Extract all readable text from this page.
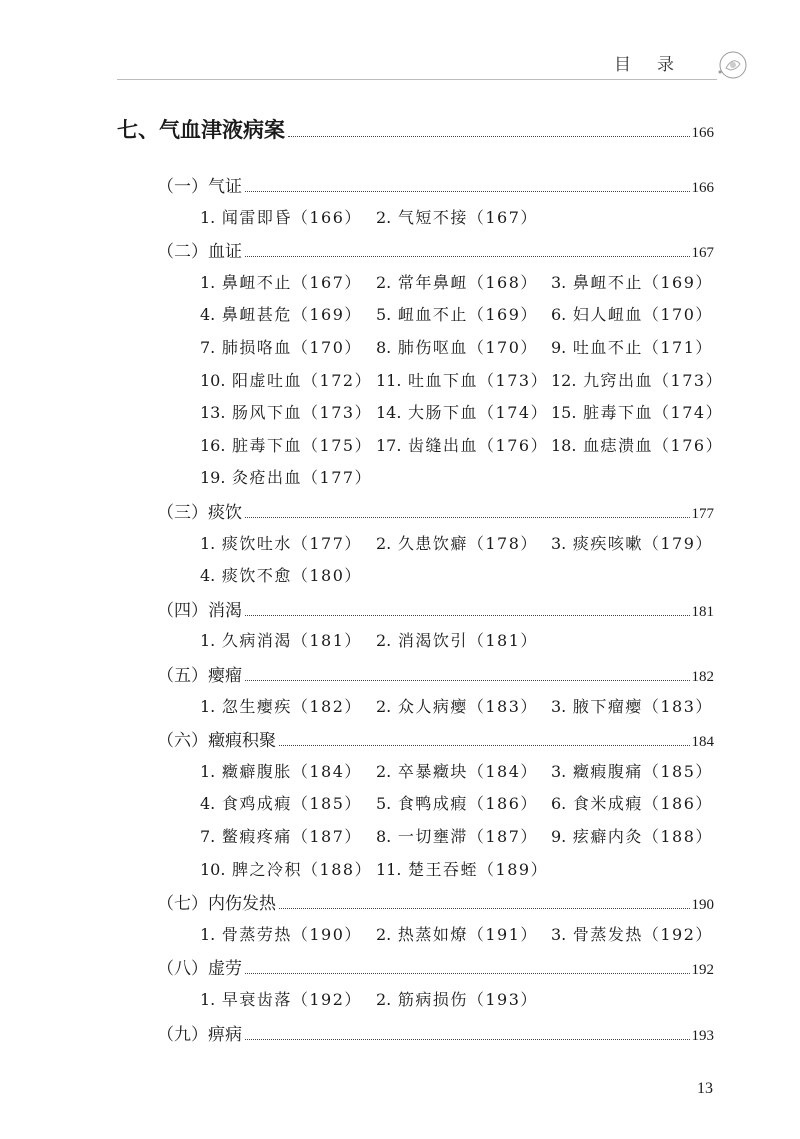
目录
七、气血津液病案	166
（一）气证	166
1. 闻雷即昏（166） 2. 气短不接（167）
（二）血证	167
1. 鼻衄不止（167） 2. 常年鼻衄（168） 3. 鼻衄不止（169）
4. 鼻衄甚危（169） 5. 衄血不止（169） 6. 妇人衄血（170）
7. 肺损咯血（170） 8. 肺伤呕血（170） 9. 吐血不止（171）
10. 阳虚吐血（172） 11. 吐血下血（173） 12. 九窍出血（173）
13. 肠风下血（173） 14. 大肠下血（174） 15. 脏毒下血（174）
16. 脏毒下血（175） 17. 齿缝出血（176） 18. 血痣溃血（176）
19. 灸疮出血（177）
（三）痰饮	177
1. 痰饮吐水（177） 2. 久患饮癖（178） 3. 痰疾咳嗽（179）
4. 痰饮不愈（180）
（四）消渴	181
1. 久病消渴（181） 2. 消渴饮引（181）
（五）瘿瘤	182
1. 忽生瘿疾（182） 2. 众人病瘿（183） 3. 腋下瘤瘿（183）
（六）癥瘕积聚	184
1. 癥癖腹胀（184） 2. 卒暴癥块（184） 3. 癥瘕腹痛（185）
4. 食鸡成瘕（185） 5. 食鸭成瘕（186） 6. 食米成瘕（186）
7. 鳖瘕疼痛（187） 8. 一切壅滞（187） 9. 痃癖内灸（188）
10. 脾之冷积（188） 11. 楚王吞蛭（189）
（七）内伤发热	190
1. 骨蒸劳热（190） 2. 热蒸如燎（191） 3. 骨蒸发热（192）
（八）虚劳	192
1. 早衰齿落（192） 2. 筋病损伤（193）
（九）痹病	193
13
